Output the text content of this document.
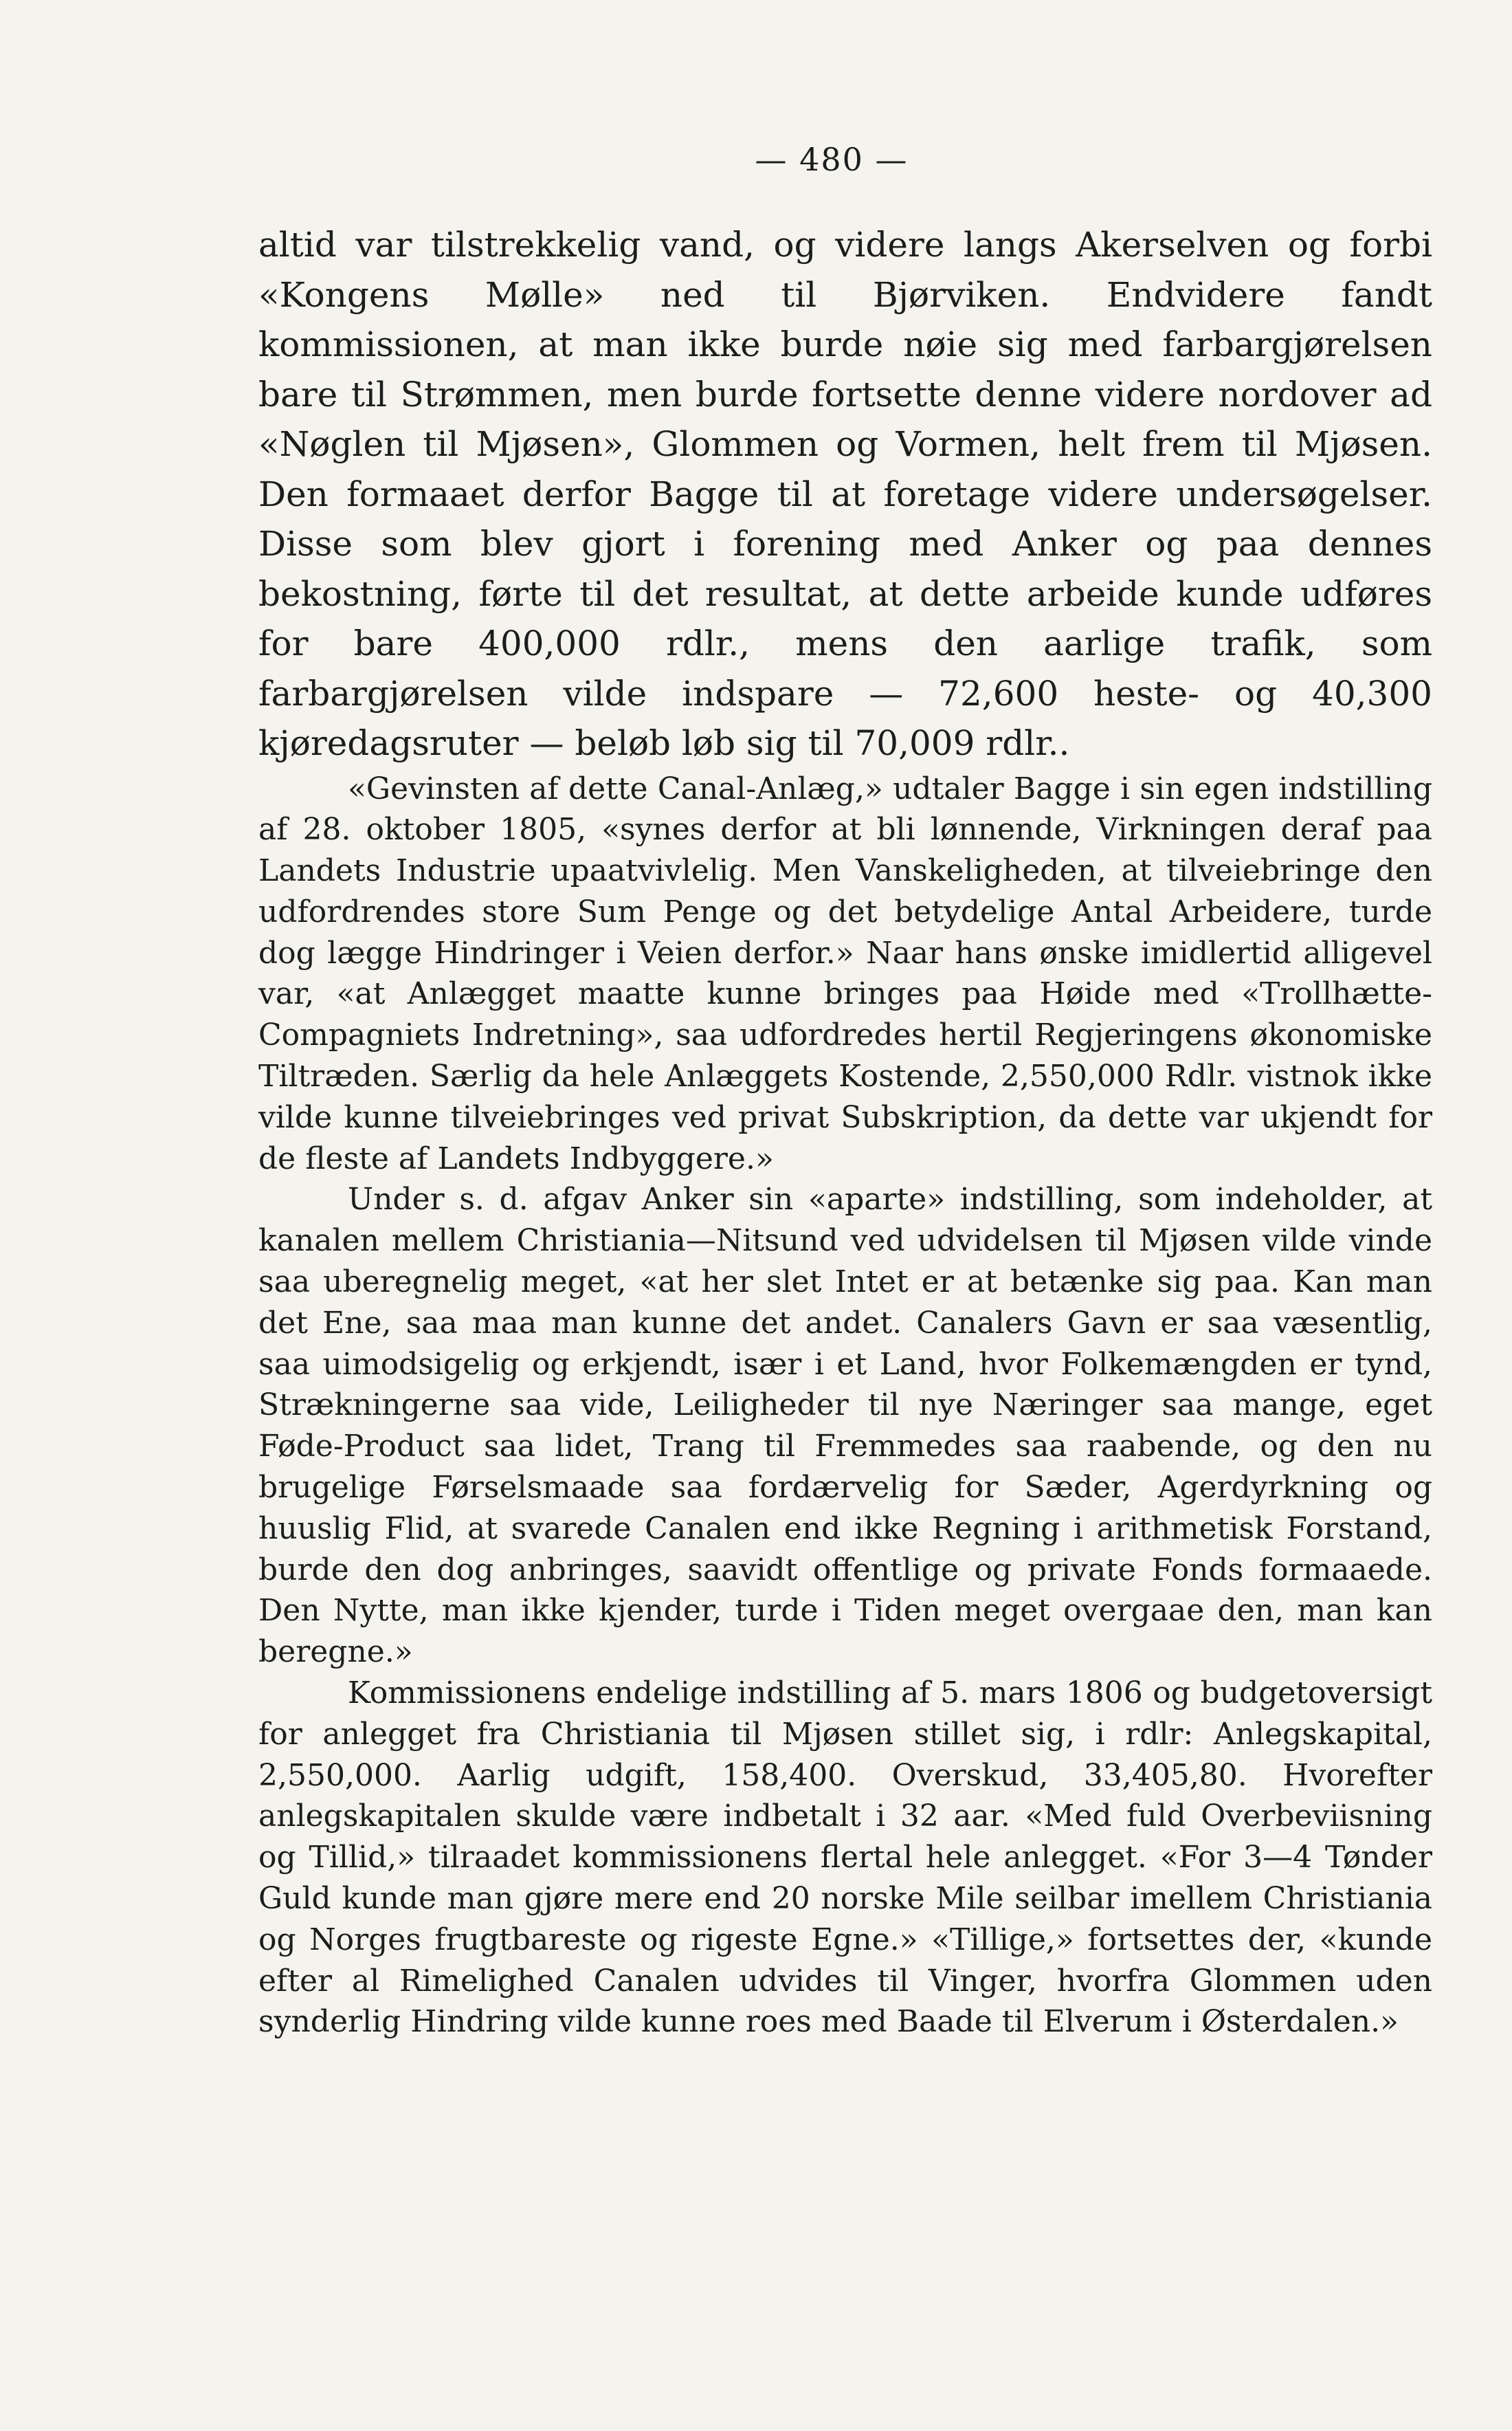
— 480 —

altid var tilstrekkelig vand, og videre langs Akerselven og forbi «Kongens Mølle» ned til Bjørviken. Endvidere fandt kommissionen, at man ikke burde nøie sig med farbargjørelsen bare til Strømmen, men burde fortsette denne videre nordover ad «Nøglen til Mjøsen», Glommen og Vormen, helt frem til Mjøsen. Den formaaet derfor Bagge til at foretage videre undersøgelser. Disse som blev gjort i forening med Anker og paa dennes bekostning, førte til det resultat, at dette arbeide kunde udføres for bare 400,000 rdlr., mens den aarlige trafik, som farbargjørelsen vilde indspare — 72,600 heste- og 40,300 kjøredagsruter — beløb løb sig til 70,009 rdlr..

«Gevinsten af dette Canal-Anlæg,» udtaler Bagge i sin egen indstilling af 28. oktober 1805, «synes derfor at bli lønnende, Virkningen deraf paa Landets Industrie upaatvivlelig. Men Vanskeligheden, at tilveiebringe den udfordrendes store Sum Penge og det betydelige Antal Arbeidere, turde dog lægge Hindringer i Veien derfor.» Naar hans ønske imidlertid alligevel var, «at Anlægget maatte kunne bringes paa Høide med «Trollhætte-Compagniets Indretning», saa udfordredes hertil Regjeringens økonomiske Tiltræden. Særlig da hele Anlæggets Kostende, 2,550,000 Rdlr. vistnok ikke vilde kunne tilveiebringes ved privat Subskription, da dette var ukjendt for de fleste af Landets Indbyggere.»

Under s. d. afgav Anker sin «aparte» indstilling, som indeholder, at kanalen mellem Christiania—Nitsund ved udvidelsen til Mjøsen vilde vinde saa uberegnelig meget, «at her slet Intet er at betænke sig paa. Kan man det Ene, saa maa man kunne det andet. Canalers Gavn er saa væsentlig, saa uimodsigelig og erkjendt, især i et Land, hvor Folkemængden er tynd, Strækningerne saa vide, Leiligheder til nye Næringer saa mange, eget Føde-Product saa lidet, Trang til Fremmedes saa raabende, og den nu brugelige Førselsmaade saa fordærvelig for Sæder, Agerdyrkning og huuslig Flid, at svarede Canalen end ikke Regning i arithmetisk Forstand, burde den dog anbringes, saavidt offentlige og private Fonds formaaede. Den Nytte, man ikke kjender, turde i Tiden meget overgaae den, man kan beregne.»

Kommissionens endelige indstilling af 5. mars 1806 og budgetoversigt for anlegget fra Christiania til Mjøsen stillet sig, i rdlr: Anlegskapital, 2,550,000. Aarlig udgift, 158,400. Overskud, 33,405,80. Hvorefter anlegskapitalen skulde være indbetalt i 32 aar. «Med fuld Overbeviisning og Tillid,» tilraadet kommissionens flertal hele anlegget. «For 3—4 Tønder Guld kunde man gjøre mere end 20 norske Mile seilbar imellem Christiania og Norges frugtbareste og rigeste Egne.» «Tillige,» fortsettes der, «kunde efter al Rimelighed Canalen udvides til Vinger, hvorfra Glommen uden synderlig Hindring vilde kunne roes med Baade til Elverum i Østerdalen.»
